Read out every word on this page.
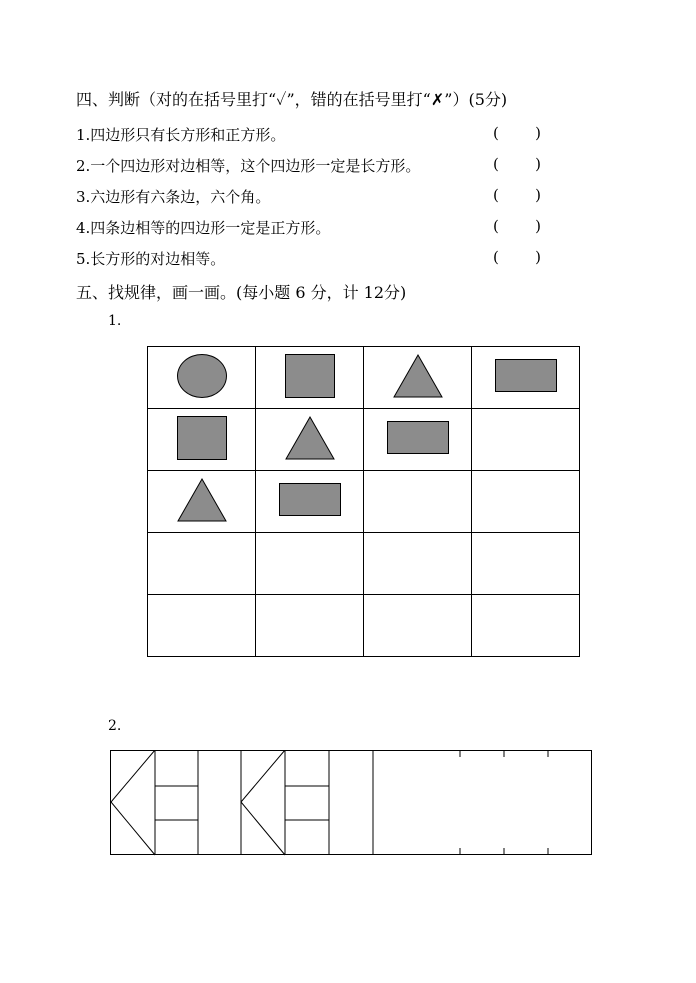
四、判断（对的在括号里打“✓”，错的在括号里打“✗”）(5分)
1.四边形只有长方形和正方形。	( )
2.一个四边形对边相等，这个四边形一定是长方形。	( )
3.六边形有六条边，六个角。	( )
4.四条边相等的四边形一定是正方形。	( )
5.长方形的对边相等。	( )
五、找规律，画一画。(每小题 6 分，计 12分)
1.

2.
